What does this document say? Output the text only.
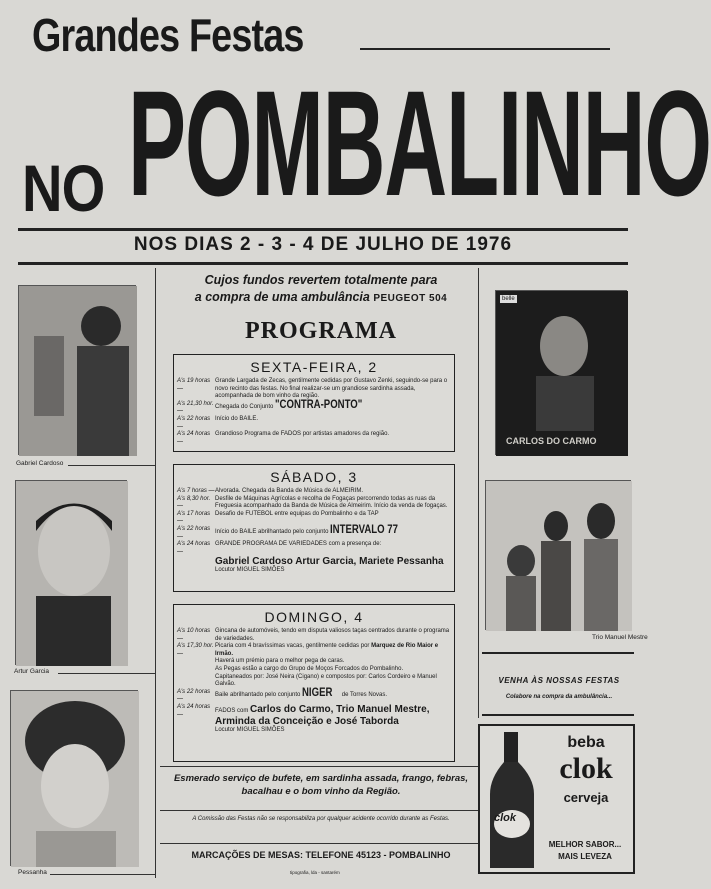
Grandes Festas
POMBALINHO
NO
NOS DIAS 2 - 3 - 4 DE JULHO DE 1976
Cujos fundos revertem totalmente para
a compra de uma ambulância PEUGEOT 504
PROGRAMA
SEXTA-FEIRA, 2
A's 19 horas —
Grande Largada de Zecas, gentilmente cedidas por Gustavo Zenki, seguindo-se para o novo recinto das festas. No final realizar-se um grandiose sardinha assada, acompanhada de bom vinho da região.
A's 21,30 hor. —
Chegada do Conjunto "CONTRA-PONTO"
A's 22 horas —
Início do BAILE.
A's 24 horas —
Grandioso Programa de FADOS por artistas amadores da região.
SÁBADO, 3
A's 7 horas — Alvorada. Chegada da Banda de Música de ALMEIRIM.
A's 8,30 hor. —
Desfile de Máquinas Agrícolas e recolha de Fogaças percorrendo todas as ruas da Freguesia acompanhado da Banda de Música de Almeirim. Início da venda de fogaças.
A's 17 horas —
Desafio de FUTEBOL entre equipas do Pombalinho e da TAP
A's 22 horas —
Início do BAILE abrilhantado pelo conjunto INTERVALO 77
A's 24 horas —
GRANDE PROGRAMA DE VARIEDADES com a presença de:
Gabriel Cardoso Artur Garcia, Mariete Pessanha
Locutor MIGUEL SIMÕES
DOMINGO, 4
A's 10 horas —
Gincana de automóveis, tendo em disputa valiosos taças centrados durante o programa de variedades.
A's 17,30 hor. —
Picaria com 4 bravíssimas vacas, gentilmente cedidas por Marquez de Rio Maior e Irmão.
Haverá um prémio para o melhor pega de caras.
As Pegas estão a cargo do Grupo de Moços Forcados do Pombalinho.
Capitaneados por: José Neira (Cigano) e compostos por: Carlos Cordeiro e Manuel Galvão.
A's 22 horas —
Baile abrilhantado pelo conjunto NIGER de Torres Novas.
A's 24 horas —
FADOS com Carlos do Carmo, Trio Manuel Mestre, Arminda da Conceição e José Taborda
Locutor MIGUEL SIMÕES
Gabriel Cardoso
Artur Garcia
Pessanha
belle
CARLOS DO CARMO
Trio Manuel Mestre
VENHA ÀS NOSSAS FESTAS
Colabore na compra da ambulância...
Esmerado serviço de bufete, em sardinha assada, frango, febras, bacalhau e o bom vinho da Região.
A Comissão das Festas não se responsabiliza por qualquer acidente ocorrido durante as Festas.
MARCAÇÕES DE MESAS: TELEFONE 45123 - POMBALINHO
tipografia, lda - santarém
clok
beba
clok
cerveja
MELHOR SABOR...
MAIS LEVEZA
